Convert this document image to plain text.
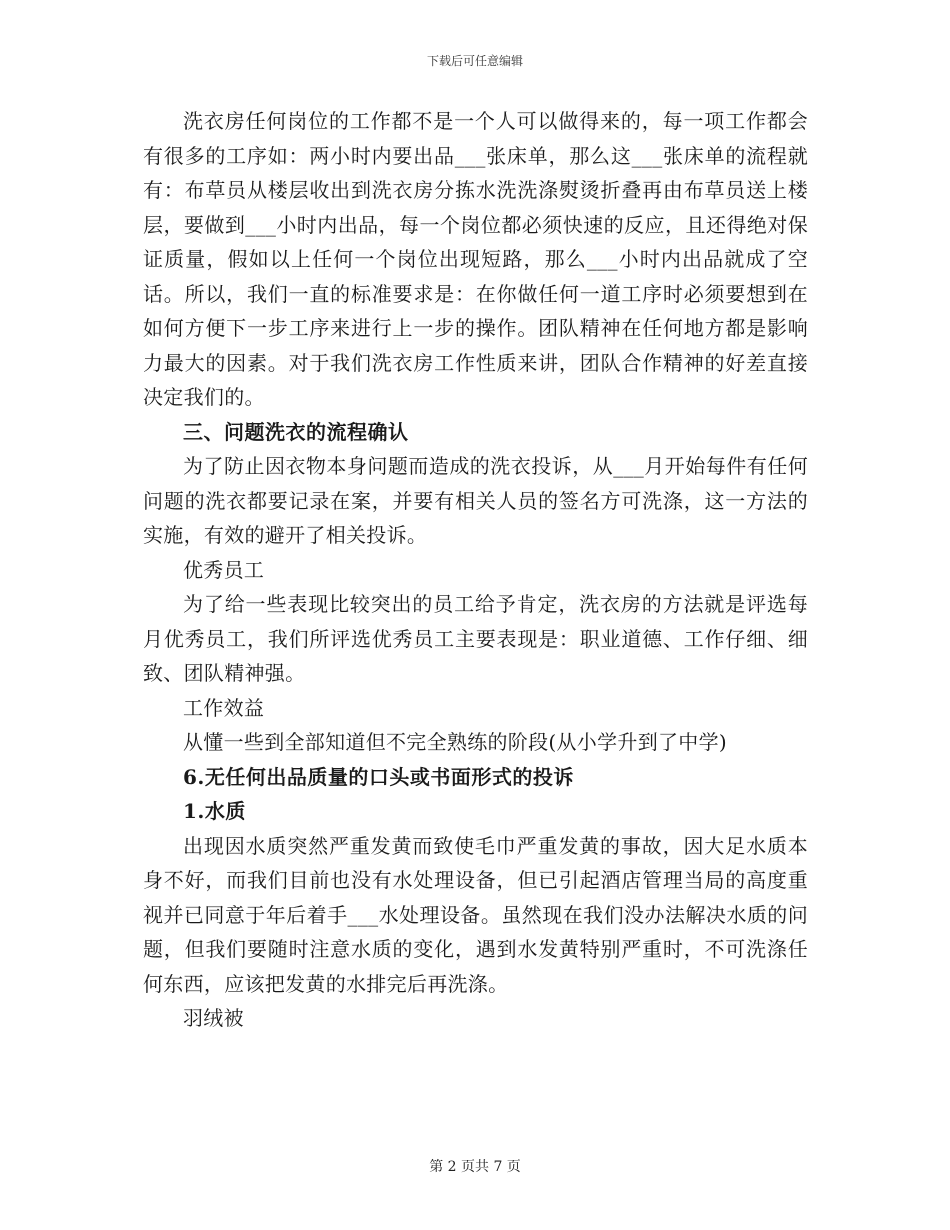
下载后可任意编辑

洗衣房任何岗位的工作都不是一个人可以做得来的，每一项工作都会有很多的工序如：两小时内要出品___张床单，那么这___张床单的流程就有：布草员从楼层收出到洗衣房分拣水洗洗涤熨烫折叠再由布草员送上楼层，要做到___小时内出品，每一个岗位都必须快速的反应，且还得绝对保证质量，假如以上任何一个岗位出现短路，那么___小时内出品就成了空话。所以，我们一直的标准要求是：在你做任何一道工序时必须要想到在如何方便下一步工序来进行上一步的操作。团队精神在任何地方都是影响力最大的因素。对于我们洗衣房工作性质来讲，团队合作精神的好差直接决定我们的。

三、问题洗衣的流程确认

为了防止因衣物本身问题而造成的洗衣投诉，从___月开始每件有任何问题的洗衣都要记录在案，并要有相关人员的签名方可洗涤，这一方法的实施，有效的避开了相关投诉。

优秀员工

为了给一些表现比较突出的员工给予肯定，洗衣房的方法就是评选每月优秀员工，我们所评选优秀员工主要表现是：职业道德、工作仔细、细致、团队精神强。

工作效益

从懂一些到全部知道但不完全熟练的阶段(从小学升到了中学)

6.无任何出品质量的口头或书面形式的投诉

1.水质

出现因水质突然严重发黄而致使毛巾严重发黄的事故，因大足水质本身不好，而我们目前也没有水处理设备，但已引起酒店管理当局的高度重视并已同意于年后着手___水处理设备。虽然现在我们没办法解决水质的问题，但我们要随时注意水质的变化，遇到水发黄特别严重时，不可洗涤任何东西，应该把发黄的水排完后再洗涤。

羽绒被

第 2 页共 7 页
